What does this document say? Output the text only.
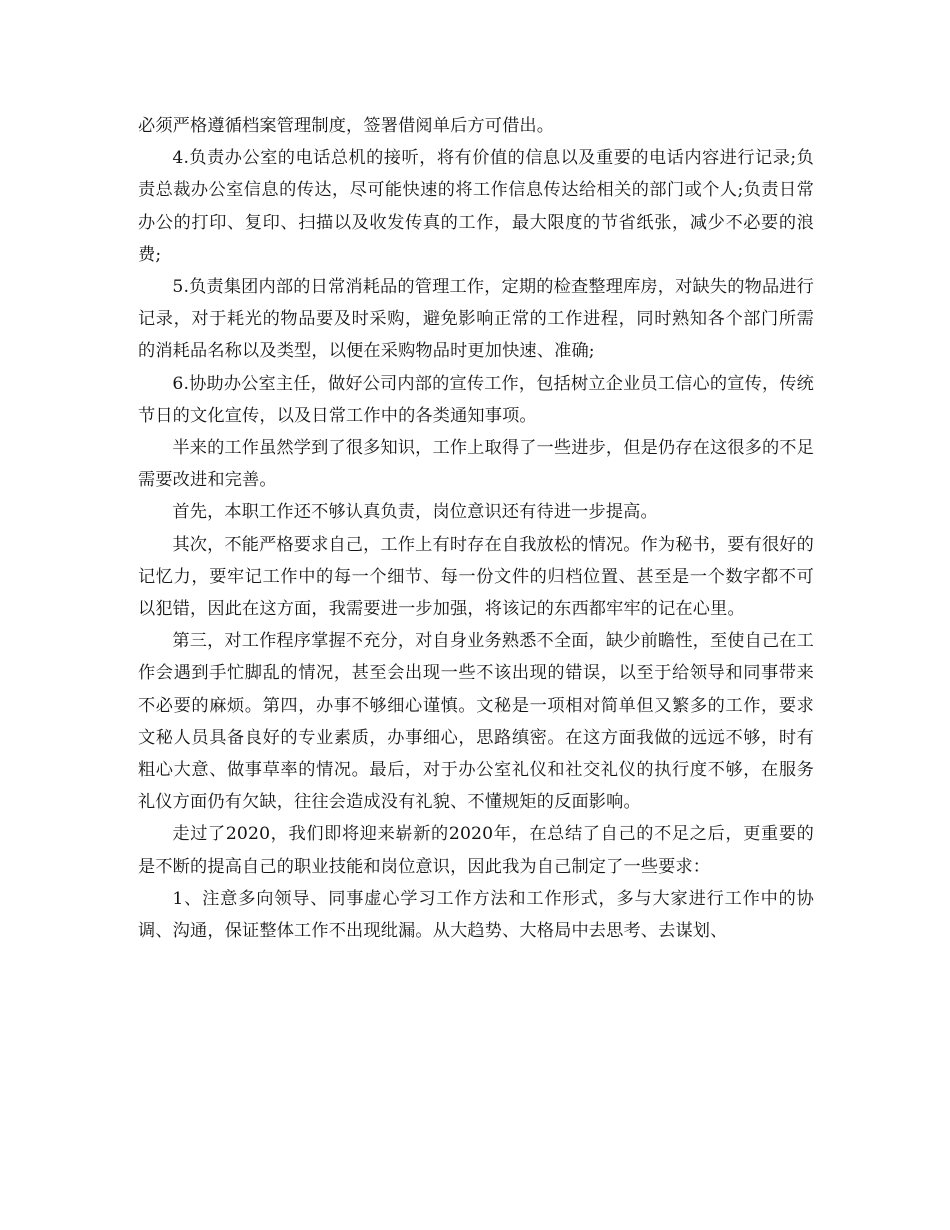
必须严格遵循档案管理制度，签署借阅单后方可借出。

4.负责办公室的电话总机的接听，将有价值的信息以及重要的电话内容进行记录;负责总裁办公室信息的传达，尽可能快速的将工作信息传达给相关的部门或个人;负责日常办公的打印、复印、扫描以及收发传真的工作，最大限度的节省纸张，减少不必要的浪费;

5.负责集团内部的日常消耗品的管理工作，定期的检查整理库房，对缺失的物品进行记录，对于耗光的物品要及时采购，避免影响正常的工作进程，同时熟知各个部门所需的消耗品名称以及类型，以便在采购物品时更加快速、准确;

6.协助办公室主任，做好公司内部的宣传工作，包括树立企业员工信心的宣传，传统节日的文化宣传，以及日常工作中的各类通知事项。

半来的工作虽然学到了很多知识，工作上取得了一些进步，但是仍存在这很多的不足需要改进和完善。

首先，本职工作还不够认真负责，岗位意识还有待进一步提高。

其次，不能严格要求自己，工作上有时存在自我放松的情况。作为秘书，要有很好的记忆力，要牢记工作中的每一个细节、每一份文件的归档位置、甚至是一个数字都不可以犯错，因此在这方面，我需要进一步加强，将该记的东西都牢牢的记在心里。

第三，对工作程序掌握不充分，对自身业务熟悉不全面，缺少前瞻性，至使自己在工作会遇到手忙脚乱的情况，甚至会出现一些不该出现的错误，以至于给领导和同事带来不必要的麻烦。第四，办事不够细心谨慎。文秘是一项相对简单但又繁多的工作，要求文秘人员具备良好的专业素质，办事细心，思路缜密。在这方面我做的远远不够，时有粗心大意、做事草率的情况。最后，对于办公室礼仪和社交礼仪的执行度不够，在服务礼仪方面仍有欠缺，往往会造成没有礼貌、不懂规矩的反面影响。

走过了2020，我们即将迎来崭新的2020年，在总结了自己的不足之后，更重要的是不断的提高自己的职业技能和岗位意识，因此我为自己制定了一些要求：

1、注意多向领导、同事虚心学习工作方法和工作形式，多与大家进行工作中的协调、沟通，保证整体工作不出现纰漏。从大趋势、大格局中去思考、去谋划、
